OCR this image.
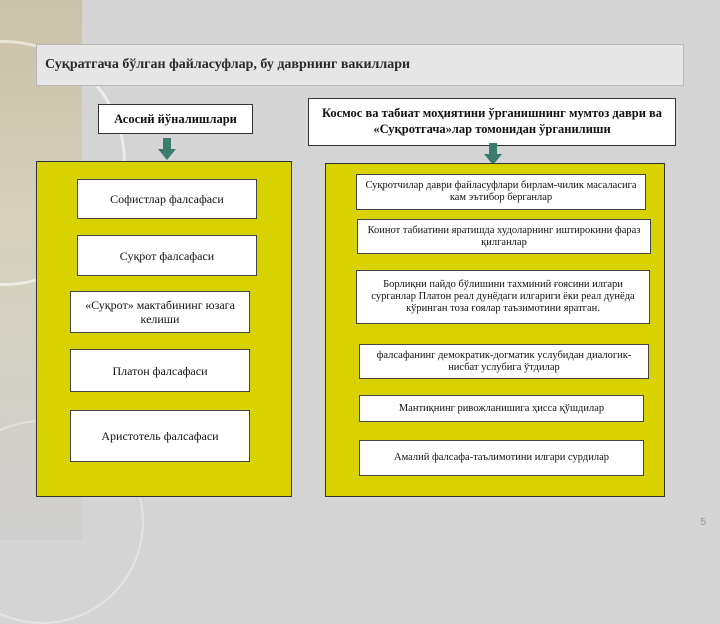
Суқратгача бўлган файласуфлар, бу даврнинг вакиллари
Асосий йўналишлари
Софистлар фалсафаси
Суқрот фалсафаси
«Суқрот» мактабининг юзага келиши
Платон фалсафаси
Аристотель фалсафаси
Космос ва табиат моҳиятини ўрганишнинг мумтоз даври ва «Суқротгача»лар томонидан ўрганилиши
Суқротчилар даври файласуфлари бирлам-чилик масаласига кам эътибор берганлар
Коинот табиатини яратишда худоларнинг иштирокини фараз қилганлар
Борлиқни пайдо бўлишини тахминий ғоясини илгари сурганлар Платон реал дунёдаги илгариги ёки реал дунёда кўринган тоза ғоялар таъзимотини яратган.
фалсафанинг демократик-догматик услубидан диалогик-нисбат услубига ўтдилар
Мантиқнинг ривожланишига ҳисса қўшдилар
Амалий фалсафа-таълимотини илгари сурдилар
5
